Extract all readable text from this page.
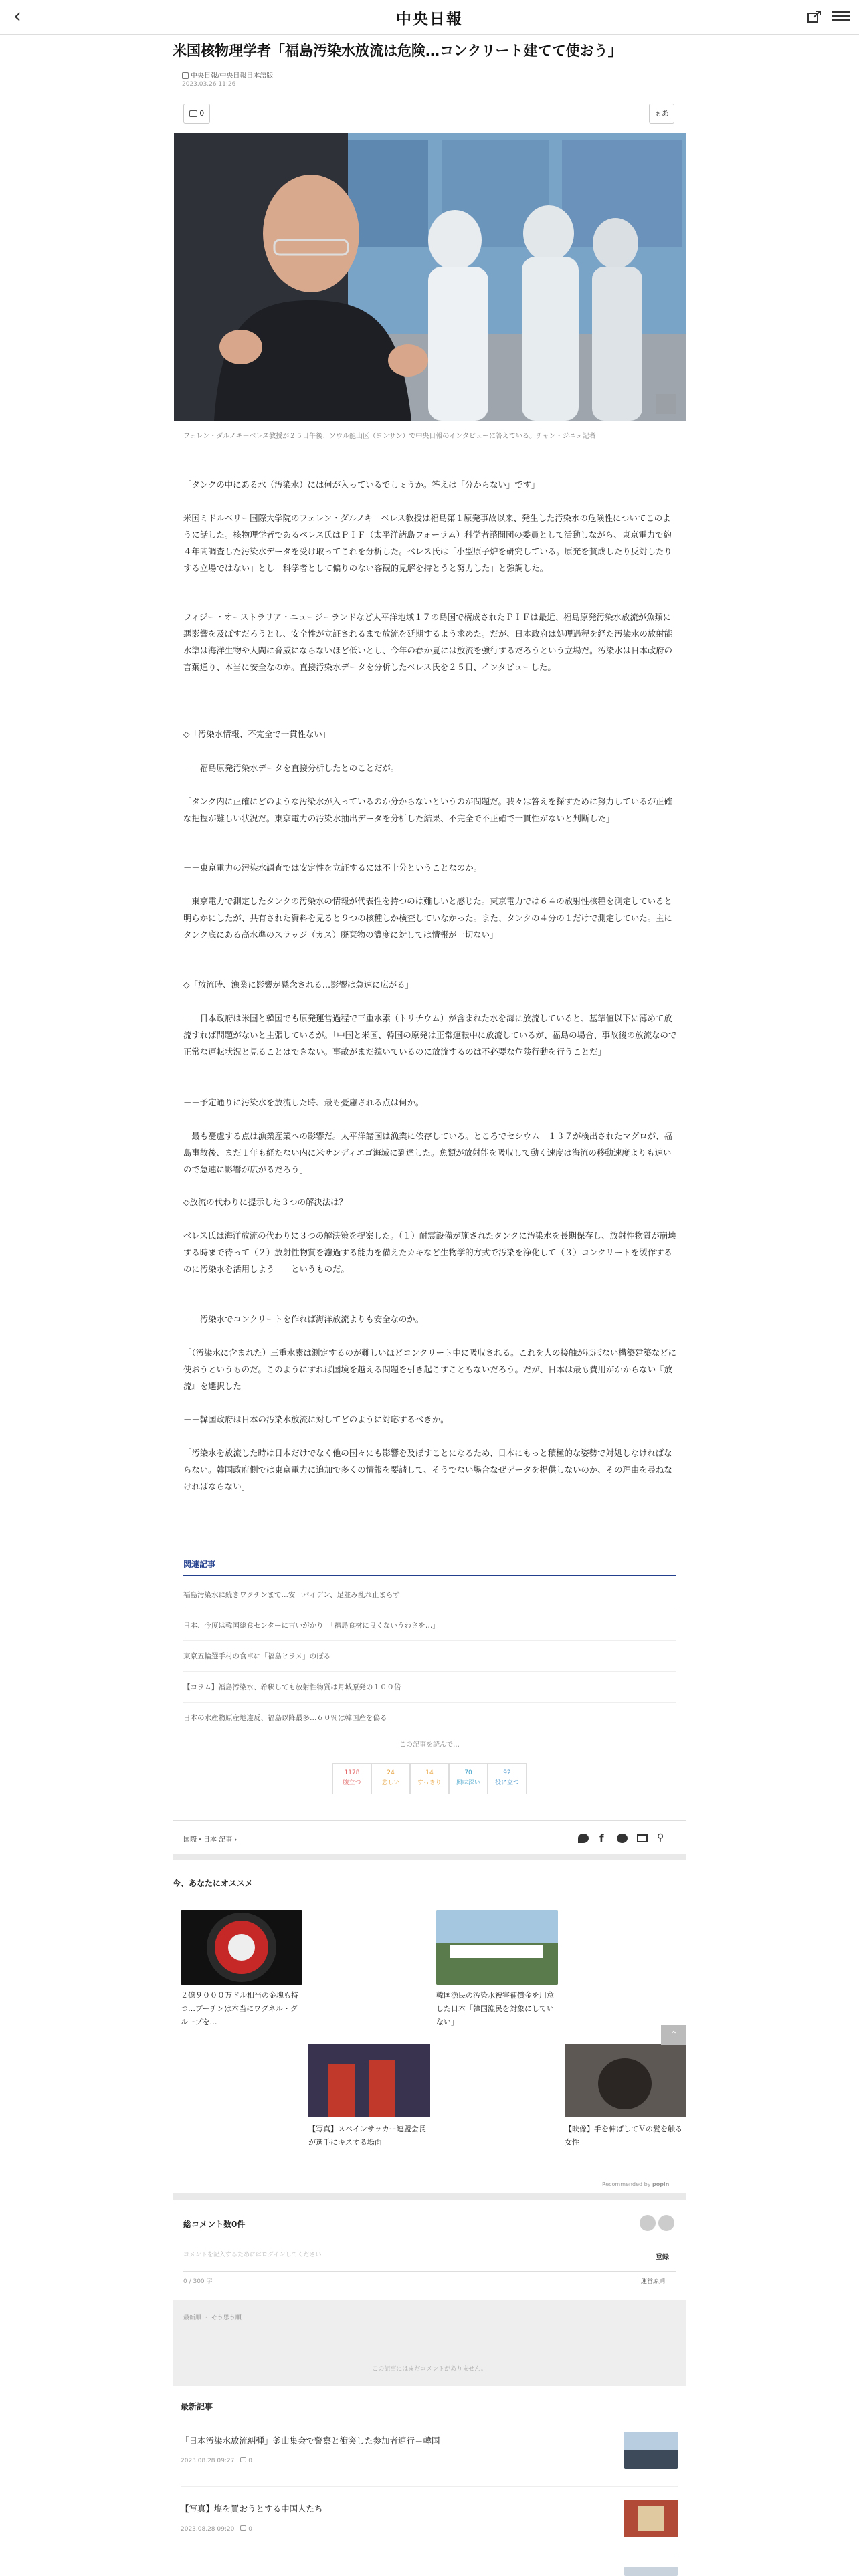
‹	中央日報
米国核物理学者「福島汚染水放流は危険…コンクリート建てて使おう」
中央日報/中央日報日本語版
2023.03.26 11:26
0	ぁあ
フェレン・ダルノキ－ベレス教授が２５日午後、ソウル龍山区（ヨンサン）で中央日報のインタビューに答えている。チャン・ジニュ記者
「タンクの中にある水（汚染水）には何が入っているでしょうか。答えは「分からない」です」
米国ミドルベリー国際大学院のフェレン・ダルノキ－ベレス教授は福島第１原発事故以来、発生した汚染水の危険性についてこのように話した。核物理学者であるベレス氏はＰＩＦ（太平洋諸島フォーラム）科学者諮問団の委員として活動しながら、東京電力で約４年間調査した汚染水データを受け取ってこれを分析した。ベレス氏は「小型原子炉を研究している。原発を賛成したり反対したりする立場ではない」とし「科学者として偏りのない客観的見解を持とうと努力した」と強調した。
フィジー・オーストラリア・ニュージーランドなど太平洋地域１７の島国で構成されたＰＩＦは最近、福島原発汚染水放流が魚類に悪影響を及ぼすだろうとし、安全性が立証されるまで放流を延期するよう求めた。だが、日本政府は処理過程を経た汚染水の放射能水準は海洋生物や人間に脅威にならないほど低いとし、今年の春か夏には放流を強行するだろうという立場だ。汚染水は日本政府の言葉通り、本当に安全なのか。直接汚染水データを分析したベレス氏を２５日、インタビューした。
◇「汚染水情報、不完全で一貫性ない」
－－福島原発汚染水データを直接分析したとのことだが。
「タンク内に正確にどのような汚染水が入っているのか分からないというのが問題だ。我々は答えを探すために努力しているが正確な把握が難しい状況だ。東京電力の汚染水抽出データを分析した結果、不完全で不正確で一貫性がないと判断した」
－－東京電力の汚染水調査では安定性を立証するには不十分ということなのか。
「東京電力で測定したタンクの汚染水の情報が代表性を持つのは難しいと感じた。東京電力では６４の放射性核種を測定していると明らかにしたが、共有された資料を見ると９つの核種しか検査していなかった。また、タンクの４分の１だけで測定していた。主にタンク底にある高水準のスラッジ（カス）廃棄物の濃度に対しては情報が一切ない」
◇「放流時、漁業に影響が懸念される…影響は急速に広がる」
－－日本政府は米国と韓国でも原発運営過程で三重水素（トリチウム）が含まれた水を海に放流していると、基準値以下に薄めて放流すれば問題がないと主張しているが。「中国と米国、韓国の原発は正常運転中に放流しているが、福島の場合、事故後の放流なので正常な運転状況と見ることはできない。事故がまだ続いているのに放流するのは不必要な危険行動を行うことだ」
－－予定通りに汚染水を放流した時、最も憂慮される点は何か。
「最も憂慮する点は漁業産業への影響だ。太平洋諸国は漁業に依存している。ところでセシウム－１３７が検出されたマグロが、福島事故後、まだ１年も経たない内に米サンディエゴ海域に到達した。魚類が放射能を吸収して動く速度は海流の移動速度よりも速いので急速に影響が広がるだろう」
◇放流の代わりに提示した３つの解決法は？
ベレス氏は海洋放流の代わりに３つの解決策を提案した。（１）耐震設備が施されたタンクに汚染水を長期保存し、放射性物質が崩壊する時まで待って（２）放射性物質を濾過する能力を備えたカキなど生物学的方式で汚染を浄化して（３）コンクリートを製作するのに汚染水を活用しよう－－というものだ。
－－汚染水でコンクリートを作れば海洋放流よりも安全なのか。
「（汚染水に含まれた）三重水素は測定するのが難しいほどコンクリート中に吸収される。これを人の接触がほぼない構築建築などに使おうというものだ。このようにすれば国境を越える問題を引き起こすこともないだろう。だが、日本は最も費用がかからない『放流』を選択した」
－－韓国政府は日本の汚染水放流に対してどのように対応するべきか。
「汚染水を放流した時は日本だけでなく他の国々にも影響を及ぼすことになるため、日本にもっと積極的な姿勢で対処しなければならない。韓国政府側では東京電力に追加で多くの情報を要請して、そうでない場合なぜデータを提供しないのか、その理由を尋ねなければならない」
関連記事
福島汚染水に続きワクチンまで…安一バイデン、足並み乱れ止まらず
日本、今度は韓国総食センターに言いがかり　「福島食材に良くないうわさを…」
東京五輪選手村の食卓に「福島ヒラメ」のぼる
【コラム】福島汚染水、希釈しても放射性物質は月城原発の１００倍
日本の水産物原産地違反、福島以降最多…６０％は韓国産を偽る
この記事を読んで…
1178
腹立つ
24
悲しい
14
すっきり
70
興味深い
92
役に立つ
国際・日本 記事 ›	f	⚲
今、あなたにオススメ
２億９０００万ドル相当の金塊も持つ…プーチンは本当にワグネル・グループを…
韓国漁民の汚染水被害補償金を用意した日本「韓国漁民を対象にしていない」
【写真】スペインサッカー連盟会長が選手にキスする場面
【映像】手を伸ばしてＶの髪を触る女性
⌃
Recommended by popin
総コメント数0件
コメントを記入するためにはログインしてください	登録
0 / 300 字	運営原則
最新順 ・ そう思う順
この記事にはまだコメントがありません。
最新記事
「日本汚染水放流糾弾」釜山集会で警察と衝突した参加者連行＝韓国
2023.08.28 09:27　 0
【写真】塩を買おうとする中国人たち
2023.08.28 09:20　 0
